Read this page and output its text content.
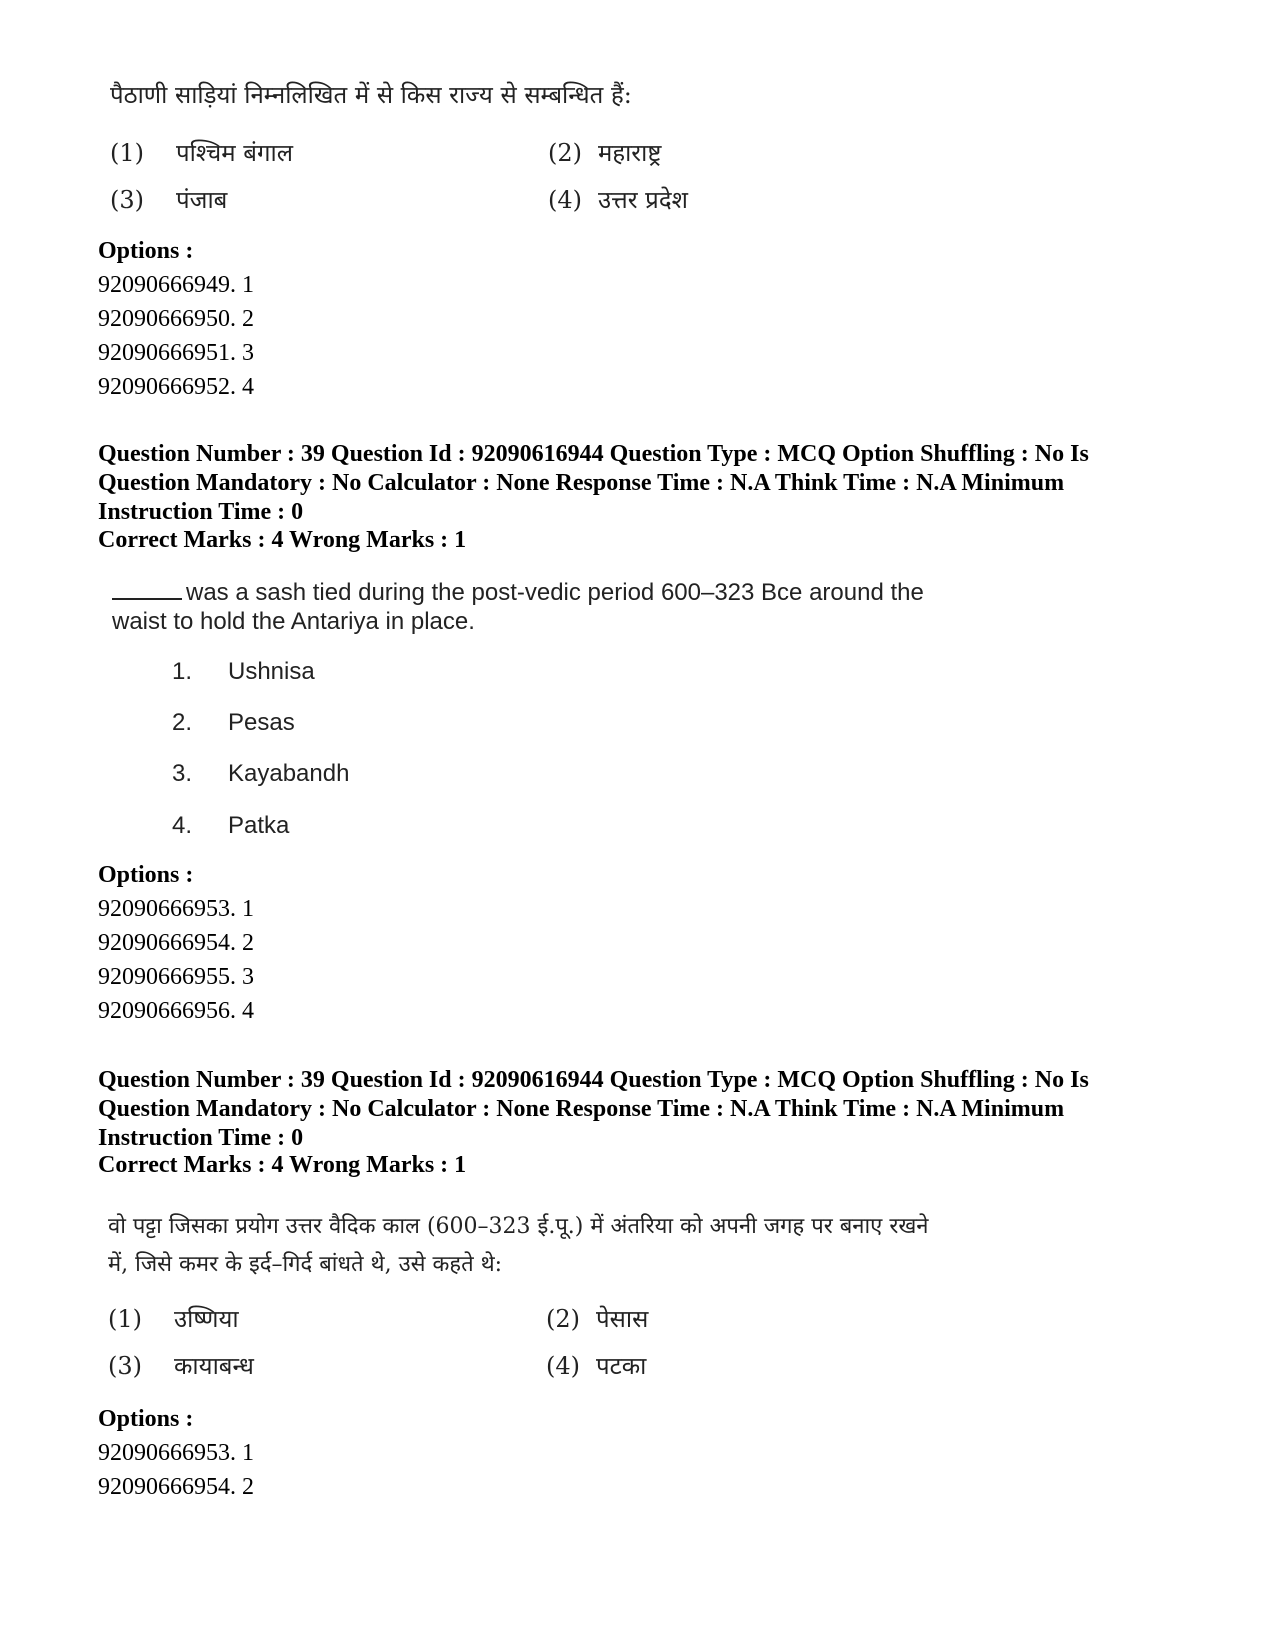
पैठाणी साड़ियां निम्नलिखित में से किस राज्य से सम्बन्धित हैं:
(1) पश्चिम बंगाल	(2) महाराष्ट्र
(3) पंजाब	(4) उत्तर प्रदेश
Options :
92090666949. 1
92090666950. 2
92090666951. 3
92090666952. 4
Question Number : 39 Question Id : 92090616944 Question Type : MCQ Option Shuffling : No Is
Question Mandatory : No Calculator : None Response Time : N.A Think Time : N.A Minimum
Instruction Time : 0
Correct Marks : 4 Wrong Marks : 1
was a sash tied during the post-vedic period 600–323 Bce around the
waist to hold the Antariya in place.
1. Ushnisa
2. Pesas
3. Kayabandh
4. Patka
Options :
92090666953. 1
92090666954. 2
92090666955. 3
92090666956. 4
Question Number : 39 Question Id : 92090616944 Question Type : MCQ Option Shuffling : No Is
Question Mandatory : No Calculator : None Response Time : N.A Think Time : N.A Minimum
Instruction Time : 0
Correct Marks : 4 Wrong Marks : 1
वो पट्टा जिसका प्रयोग उत्तर वैदिक काल (600–323 ई.पू.) में अंतरिया को अपनी जगह पर बनाए रखने
में, जिसे कमर के इर्द–गिर्द बांधते थे, उसे कहते थे:
(1) उष्णिया	(2) पेसास
(3) कायाबन्ध	(4) पटका
Options :
92090666953. 1
92090666954. 2
